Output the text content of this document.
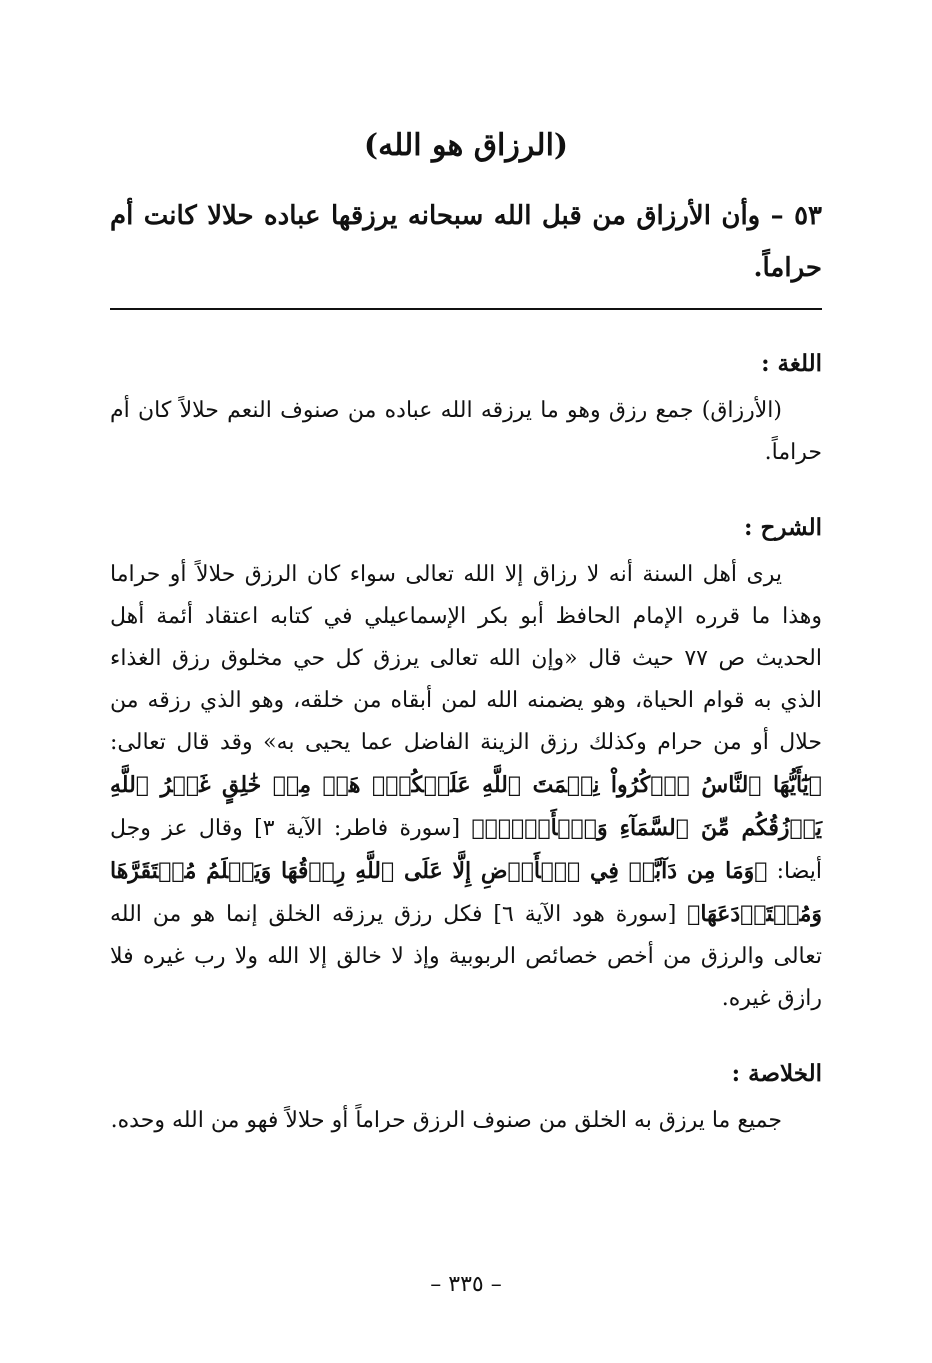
(الرزاق هو الله)
٥٣ – وأن الأرزاق من قبل الله سبحانه يرزقها عباده حلالا كانت أم حراماً.
اللغة :
(الأرزاق) جمع رزق وهو ما يرزقه الله عباده من صنوف النعم حلالاً كان أم حراماً.
الشرح :
يرى أهل السنة أنه لا رزاق إلا الله تعالى سواء كان الرزق حلالاً أو حراما وهذا ما قرره الإمام الحافظ أبو بكر الإسماعيلي في كتابه اعتقاد أئمة أهل الحديث ص ٧٧ حيث قال «وإن الله تعالى يرزق كل حي مخلوق رزق الغذاء الذي به قوام الحياة، وهو يضمنه الله لمن أبقاه من خلقه، وهو الذي رزقه من حلال أو من حرام وكذلك رزق الزينة الفاضل عما يحيى به» وقد قال تعالى: ﴿يَٰٓأَيُّهَا ٱلنَّاسُ ٱذۡكُرُواْ نِعۡمَتَ ٱللَّهِ عَلَيۡكُمۡۚ هَلۡ مِنۡ خَٰلِقٍ غَيۡرُ ٱللَّهِ يَرۡزُقُكُم مِّنَ ٱلسَّمَآءِ وَٱلۡأَرۡضِۚ﴾ [سورة فاطر: الآية ٣] وقال عز وجل أيضا: ﴿وَمَا مِن دَآبَّةٖ فِي ٱلۡأَرۡضِ إِلَّا عَلَى ٱللَّهِ رِزۡقُهَا وَيَعۡلَمُ مُسۡتَقَرَّهَا وَمُسۡتَوۡدَعَهَا﴾ [سورة هود الآية ٦] فكل رزق يرزقه الخلق إنما هو من الله تعالى والرزق من أخص خصائص الربوبية وإذ لا خالق إلا الله ولا رب غيره فلا رازق غيره.
الخلاصة :
جميع ما يرزق به الخلق من صنوف الرزق حراماً أو حلالاً فهو من الله وحده.
– ٣٣٥ –
